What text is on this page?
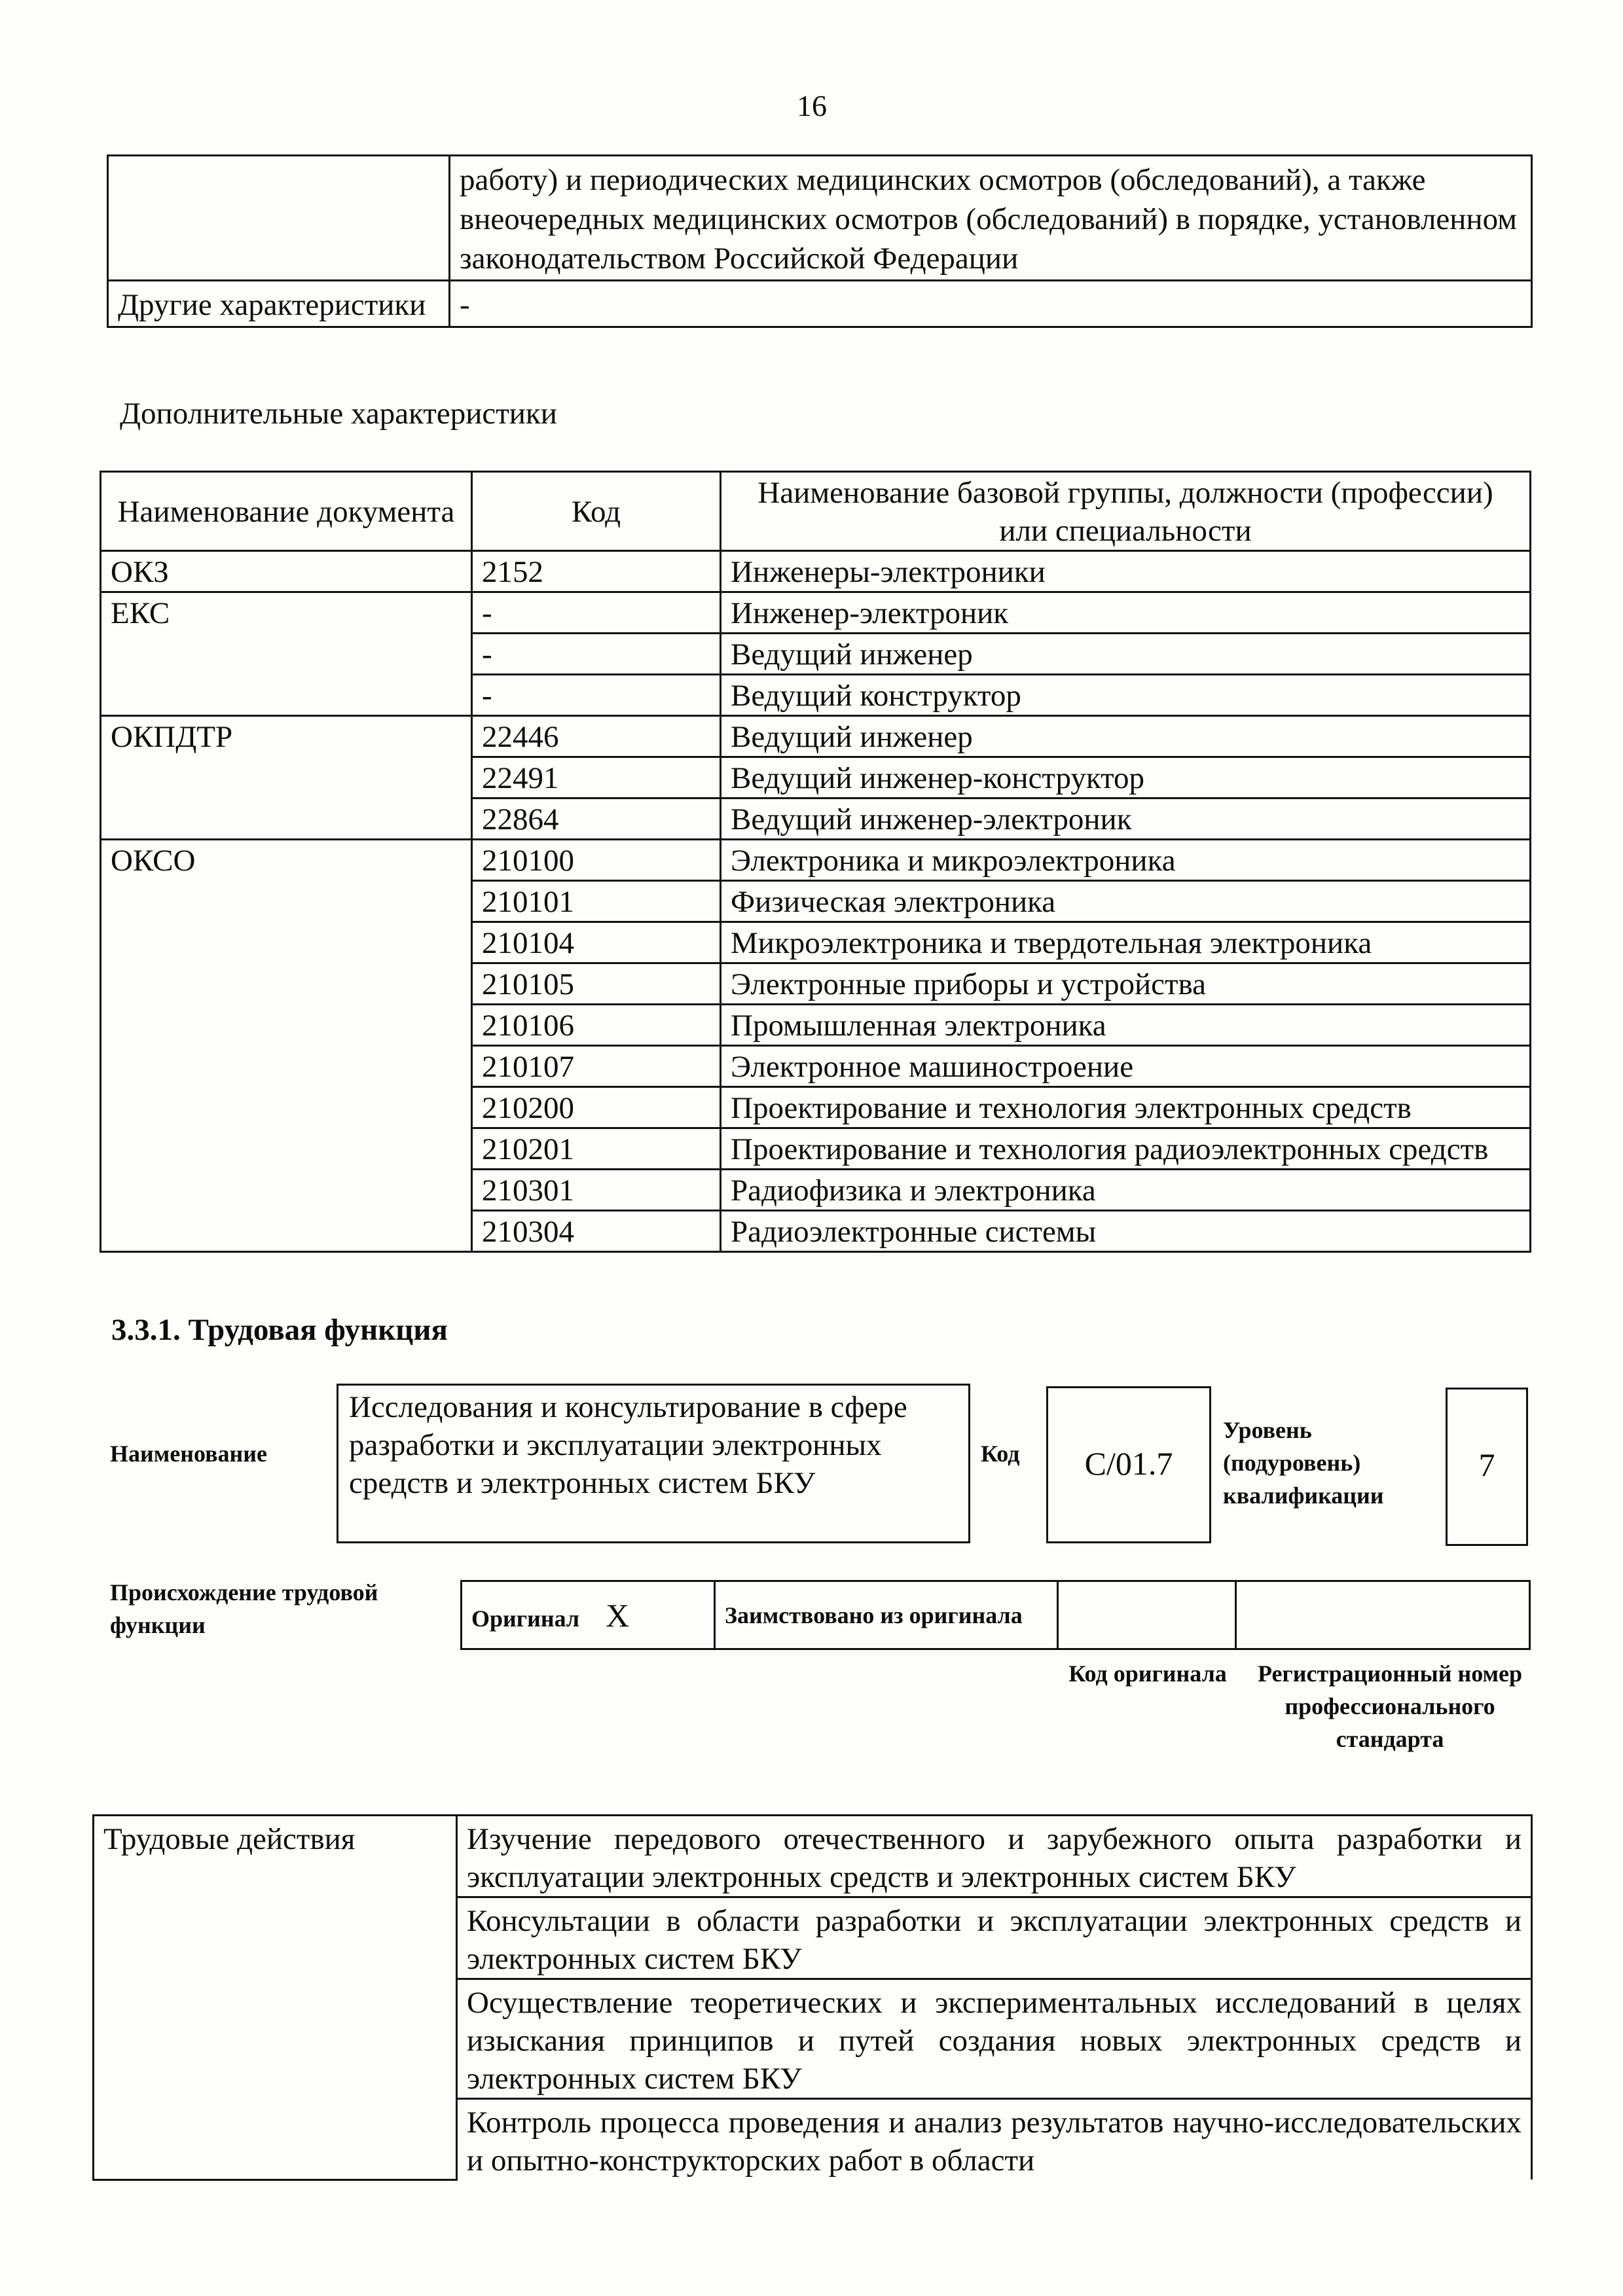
16
	работу) и периодических медицинских осмотров (обследований), а также внеочередных медицинских осмотров (обследований) в порядке, установленном законодательством Российской Федерации
Другие характеристики	-
Дополнительные характеристики
Наименование документа	Код	Наименование базовой группы, должности (профессии) или специальности
ОКЗ	2152	Инженеры-электроники
ЕКС	-	Инженер-электроник
	-	Ведущий инженер
	-	Ведущий конструктор
ОКПДТР	22446	Ведущий инженер
	22491	Ведущий инженер-конструктор
	22864	Ведущий инженер-электроник
ОКСО	210100	Электроника и микроэлектроника
	210101	Физическая электроника
	210104	Микроэлектроника и твердотельная электроника
	210105	Электронные приборы и устройства
	210106	Промышленная электроника
	210107	Электронное машиностроение
	210200	Проектирование и технология электронных средств
	210201	Проектирование и технология радиоэлектронных средств
	210301	Радиофизика и электроника
	210304	Радиоэлектронные системы
3.3.1. Трудовая функция
Наименование
Исследования и консультирование в сфере разработки и эксплуатации электронных средств и электронных систем БКУ
Код	C/01.7
Уровень (подуровень) квалификации
7
Происхождение трудовой функции	Оригинал X	Заимствовано из оригинала

Код оригинала	Регистрационный номер профессионального стандарта
Трудовые действия	Изучение передового отечественного и зарубежного опыта разработки и эксплуатации электронных средств и электронных систем БКУ
Консультации в области разработки и эксплуатации электронных средств и электронных систем БКУ
Осуществление теоретических и экспериментальных исследований в целях изыскания принципов и путей создания новых электронных средств и электронных систем БКУ
Контроль процесса проведения и анализ результатов научно-исследовательских и опытно-конструкторских работ в области
